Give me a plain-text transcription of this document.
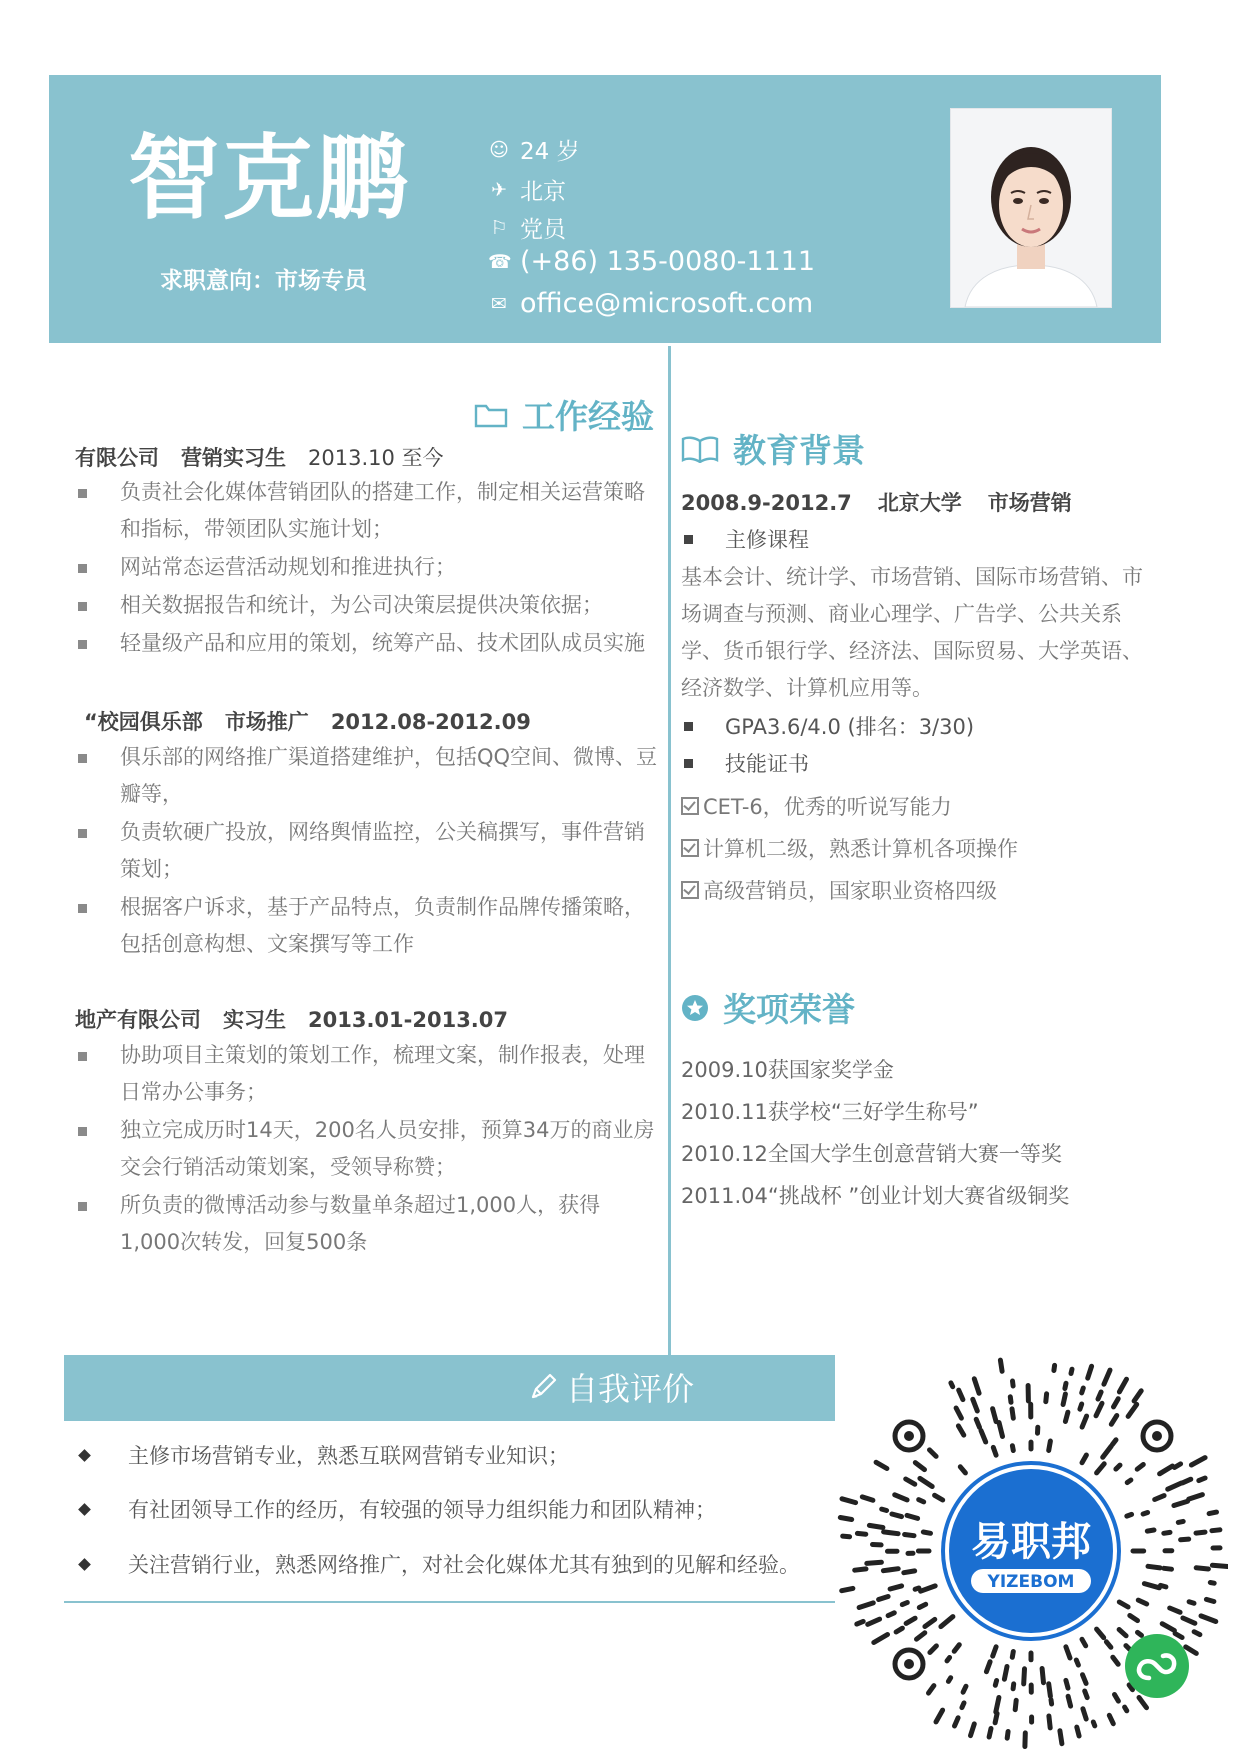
智克鹏
求职意向：市场专员
☺ 24 岁
✈ 北京
⚐ 党员
☎ (+86) 135-0080-1111
✉ office@microsoft.com
工作经验
有限公司 营销实习生 2013.10 至今
负责社会化媒体营销团队的搭建工作，制定相关运营策略和指标，带领团队实施计划；
网站常态运营活动规划和推进执行；
相关数据报告和统计，为公司决策层提供决策依据；
轻量级产品和应用的策划，统筹产品、技术团队成员实施
“校园俱乐部 市场推广 2012.08-2012.09
俱乐部的网络推广渠道搭建维护，包括QQ空间、微博、豆瓣等，
负责软硬广投放，网络舆情监控，公关稿撰写，事件营销策划；
根据客户诉求，基于产品特点，负责制作品牌传播策略，包括创意构想、文案撰写等工作
地产有限公司 实习生 2013.01-2013.07
协助项目主策划的策划工作，梳理文案，制作报表，处理日常办公事务；
独立完成历时14天，200名人员安排，预算34万的商业房交会行销活动策划案，受领导称赞；
所负责的微博活动参与数量单条超过1,000人，获得1,000次转发，回复500条
教育背景
2008.9-2012.7 北京大学 市场营销
主修课程

基本会计、统计学、市场营销、国际市场营销、市场调查与预测、商业心理学、广告学、公共关系学、货币银行学、经济法、国际贸易、大学英语、经济数学、计算机应用等。

GPA3.6/4.0 (排名：3/30)
技能证书
CET-6，优秀的听说写能力
计算机二级，熟悉计算机各项操作
高级营销员，国家职业资格四级
奖项荣誉
2009.10获国家奖学金
2010.11获学校“三好学生称号”
2010.12全国大学生创意营销大赛一等奖
2011.04“挑战杯 ”创业计划大赛省级铜奖
自我评价
主修市场营销专业，熟悉互联网营销专业知识；
有社团领导工作的经历，有较强的领导力组织能力和团队精神；
关注营销行业，熟悉网络推广，对社会化媒体尤其有独到的见解和经验。	易职邦
YIZEBOM
